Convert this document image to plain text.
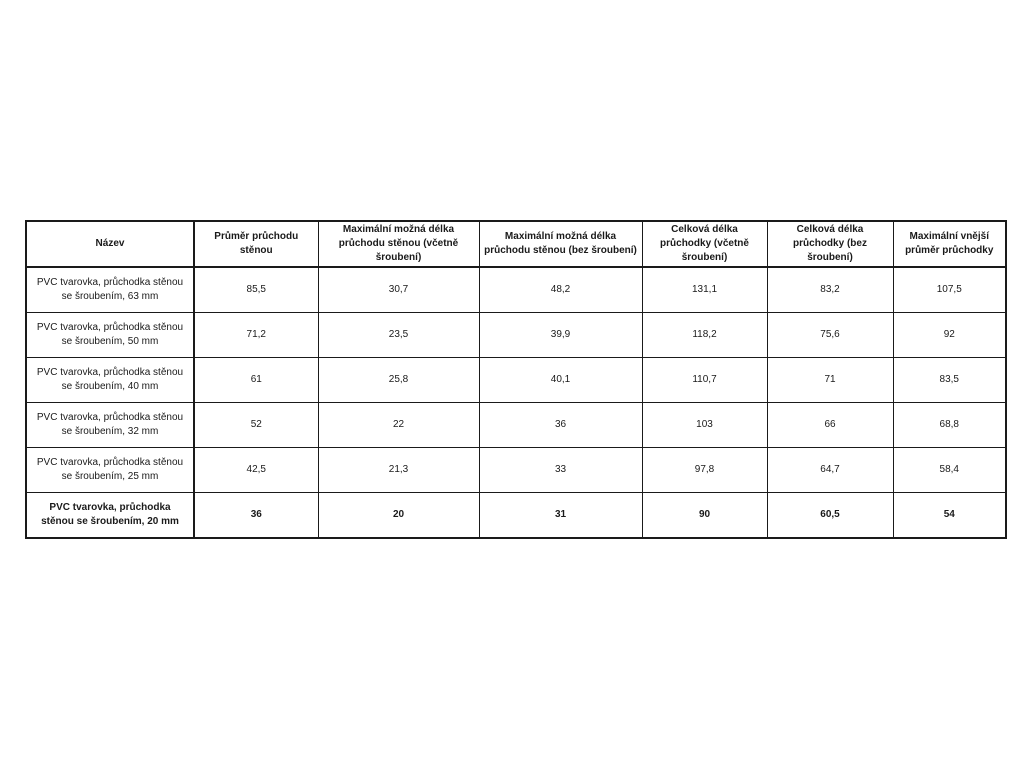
Název	Průměr průchodu stěnou	Maximální možná délka průchodu stěnou (včetně šroubení)	Maximální možná délka průchodu stěnou (bez šroubení)	Celková délka průchodky (včetně šroubení)	Celková délka průchodky (bez šroubení)	Maximální vnější průměr průchodky
PVC tvarovka, průchodka stěnou se šroubením, 63 mm	85,5	30,7	48,2	131,1	83,2	107,5
PVC tvarovka, průchodka stěnou se šroubením, 50 mm	71,2	23,5	39,9	118,2	75,6	92
PVC tvarovka, průchodka stěnou se šroubením, 40 mm	61	25,8	40,1	110,7	71	83,5
PVC tvarovka, průchodka stěnou se šroubením, 32 mm	52	22	36	103	66	68,8
PVC tvarovka, průchodka stěnou se šroubením, 25 mm	42,5	21,3	33	97,8	64,7	58,4
PVC tvarovka, průchodka stěnou se šroubením, 20 mm	36	20	31	90	60,5	54
